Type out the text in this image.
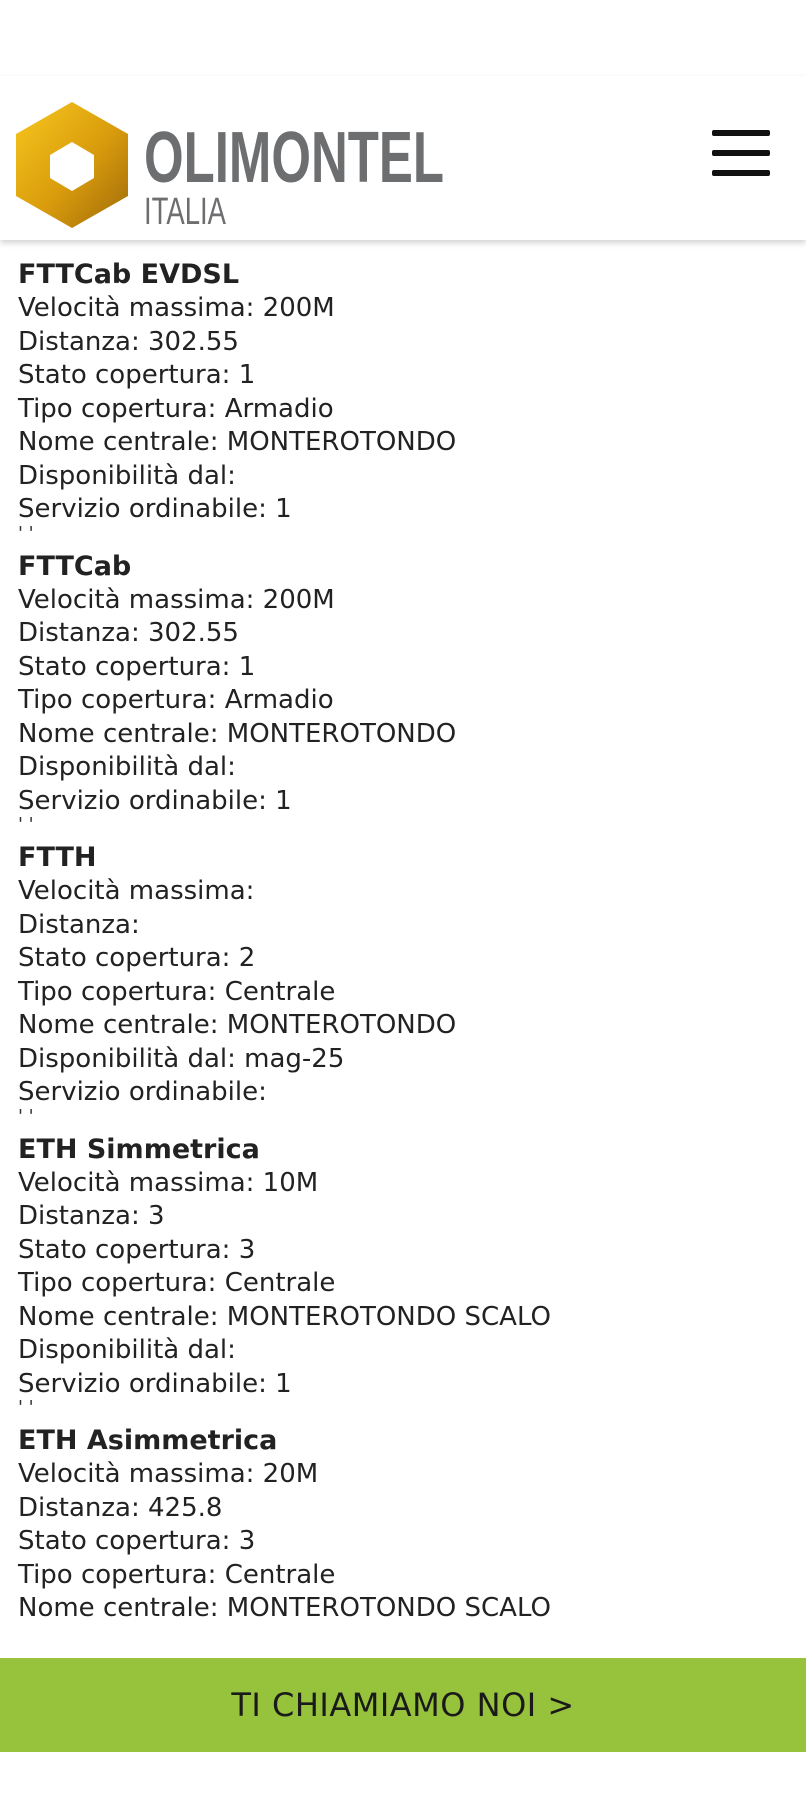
OLIMONTEL
ITALIA
FTTCab EVDSL
Velocità massima: 200M
Distanza: 302.55
Stato copertura: 1
Tipo copertura: Armadio
Nome centrale: MONTEROTONDO
Disponibilità dal:
Servizio ordinabile: 1
' '
FTTCab
Velocità massima: 200M
Distanza: 302.55
Stato copertura: 1
Tipo copertura: Armadio
Nome centrale: MONTEROTONDO
Disponibilità dal:
Servizio ordinabile: 1
' '
FTTH
Velocità massima:
Distanza:
Stato copertura: 2
Tipo copertura: Centrale
Nome centrale: MONTEROTONDO
Disponibilità dal: mag-25
Servizio ordinabile:
' '
ETH Simmetrica
Velocità massima: 10M
Distanza: 3
Stato copertura: 3
Tipo copertura: Centrale
Nome centrale: MONTEROTONDO SCALO
Disponibilità dal:
Servizio ordinabile: 1
' '
ETH Asimmetrica
Velocità massima: 20M
Distanza: 425.8
Stato copertura: 3
Tipo copertura: Centrale
Nome centrale: MONTEROTONDO SCALO
TI CHIAMIAMO NOI >
